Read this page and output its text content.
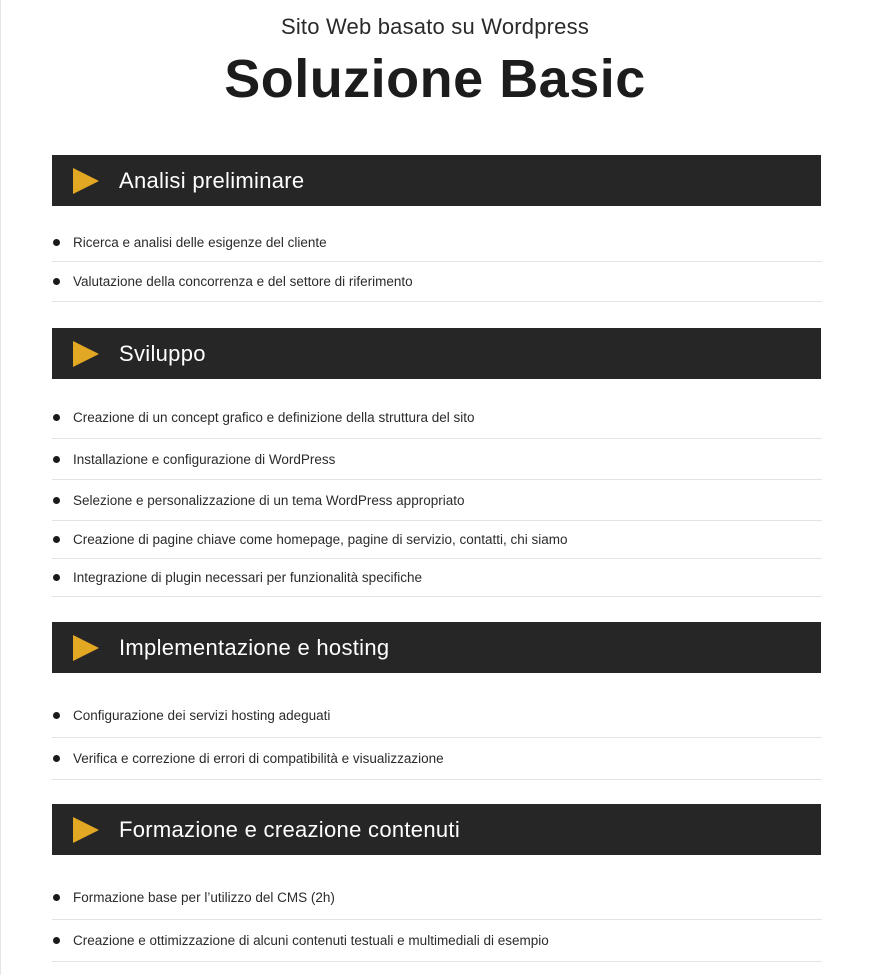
Sito Web basato su Wordpress
Soluzione Basic
Analisi preliminare
Ricerca e analisi delle esigenze del cliente
Valutazione della concorrenza e del settore di riferimento
Sviluppo
Creazione di un concept grafico e definizione della struttura del sito
Installazione e configurazione di WordPress
Selezione e personalizzazione di un tema WordPress appropriato
Creazione di pagine chiave come homepage, pagine di servizio, contatti, chi siamo
Integrazione di plugin necessari per funzionalità specifiche
Implementazione e hosting
Configurazione dei servizi hosting adeguati
Verifica e correzione di errori di compatibilità e visualizzazione
Formazione e creazione contenuti
Formazione base per l’utilizzo del CMS (2h)
Creazione e ottimizzazione di alcuni contenuti testuali e multimediali di esempio
